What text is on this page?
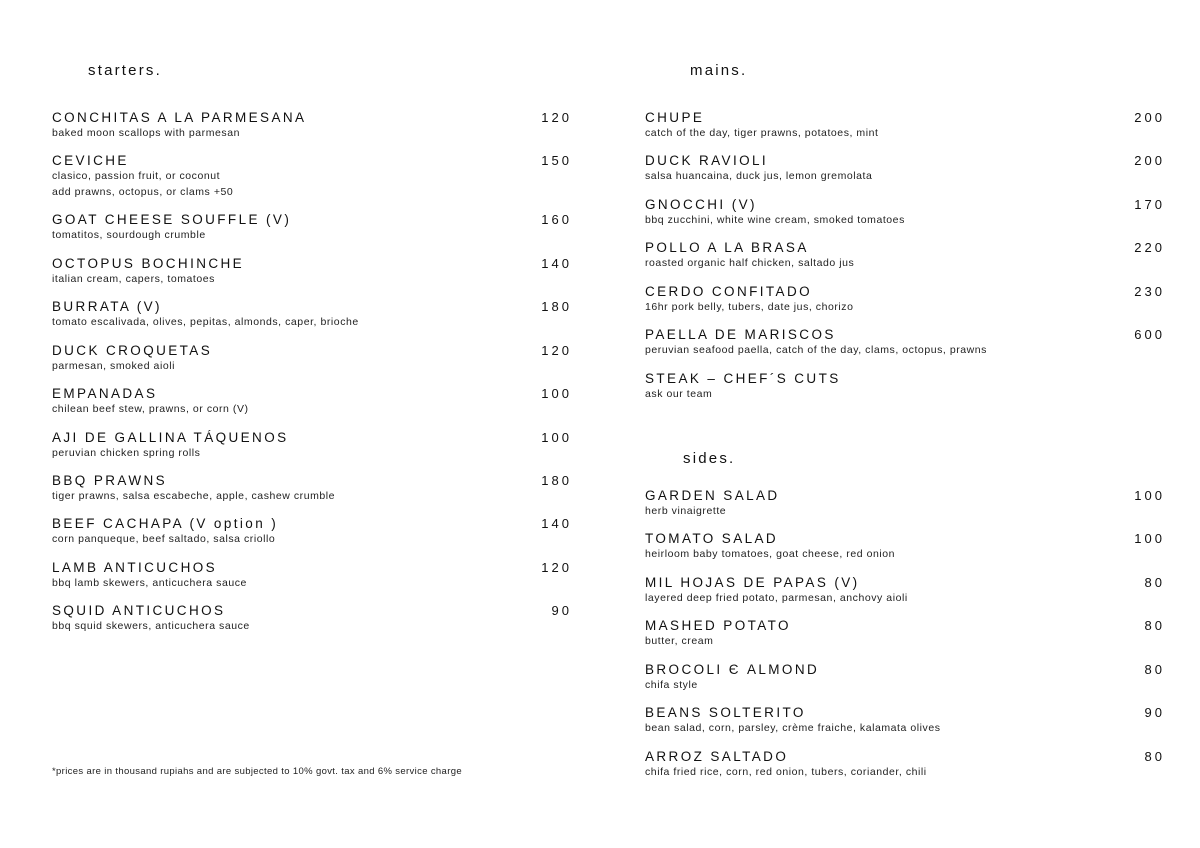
starters.	mains.
sides.
CONCHITAS A LA PARMESANA	120
baked moon scallops with parmesan
CEVICHE	150
clasico, passion fruit, or coconut
add prawns, octopus, or clams +50
GOAT CHEESE SOUFFLE (V)	160
tomatitos, sourdough crumble
OCTOPUS BOCHINCHE	140
italian cream, capers, tomatoes
BURRATA (V)	180
tomato escalivada, olives, pepitas, almonds, caper, brioche
DUCK CROQUETAS	120
parmesan, smoked aioli
EMPANADAS	100
chilean beef stew, prawns, or corn (V)
AJI DE GALLINA TÁQUENOS	100
peruvian chicken spring rolls
BBQ PRAWNS	180
tiger prawns, salsa escabeche, apple, cashew crumble
BEEF CACHAPA (V option )	140
corn panqueque, beef saltado, salsa criollo
LAMB ANTICUCHOS	120
bbq lamb skewers, anticuchera sauce
SQUID ANTICUCHOS	90
bbq squid skewers, anticuchera sauce
CHUPE	200
catch of the day, tiger prawns, potatoes, mint
DUCK RAVIOLI	200
salsa huancaina, duck jus, lemon gremolata
GNOCCHI (V)	170
bbq zucchini, white wine cream, smoked tomatoes
POLLO A LA BRASA	220
roasted organic half chicken, saltado jus
CERDO CONFITADO	230
16hr pork belly, tubers, date jus, chorizo
PAELLA DE MARISCOS	600
peruvian seafood paella, catch of the day, clams, octopus, prawns
STEAK – CHEF´S CUTS
ask our team
GARDEN SALAD	100
herb vinaigrette
TOMATO SALAD	100
heirloom baby tomatoes, goat cheese, red onion
MIL HOJAS DE PAPAS (V)	80
layered deep fried potato, parmesan, anchovy aioli
MASHED POTATO	80
butter, cream
BROCOLI Є ALMOND	80
chifa style
BEANS SOLTERITO	90
bean salad, corn, parsley, crème fraiche, kalamata olives
ARROZ SALTADO	80
chifa fried rice, corn, red onion, tubers, coriander, chili
*prices are in thousand rupiahs and are subjected to 10% govt. tax and 6% service charge
